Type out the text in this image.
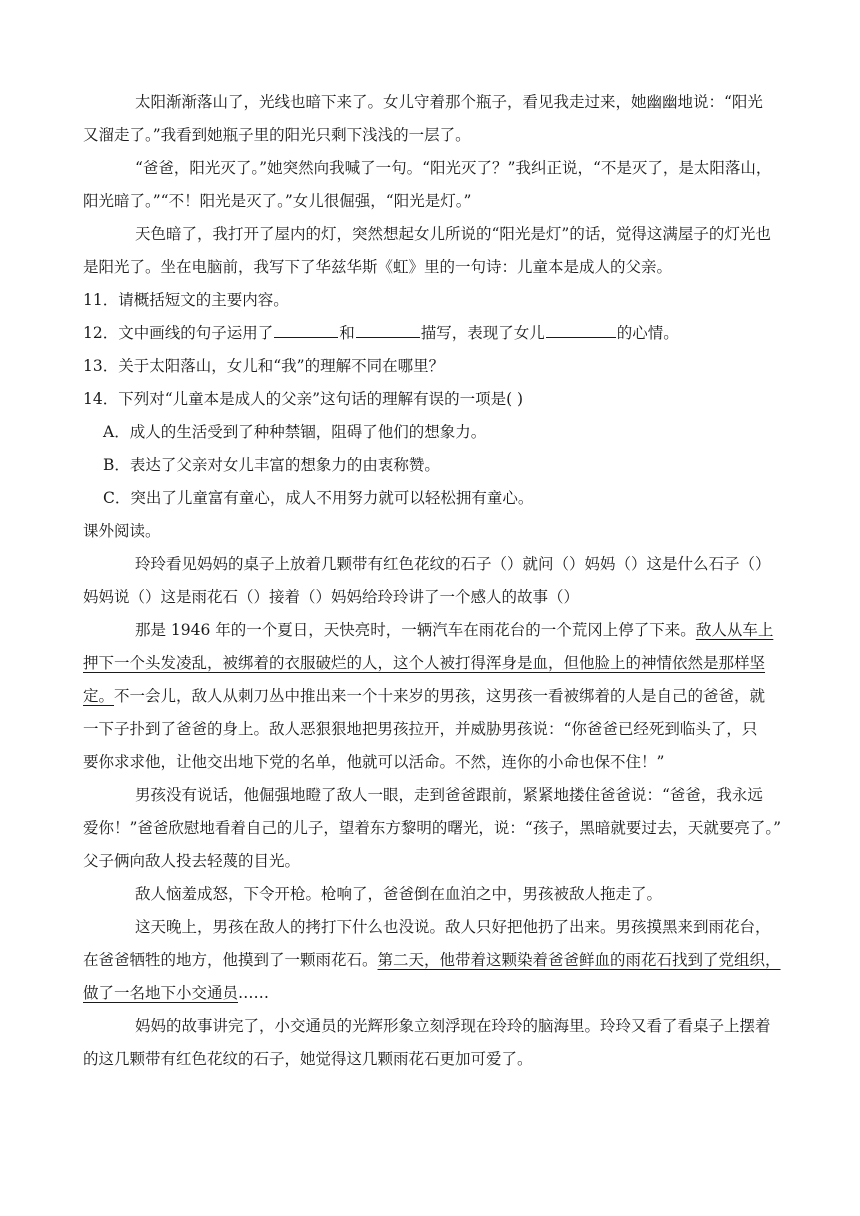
太阳渐渐落山了，光线也暗下来了。女儿守着那个瓶子，看见我走过来，她幽幽地说：“阳光
又溜走了。”我看到她瓶子里的阳光只剩下浅浅的一层了。
“爸爸，阳光灭了。”她突然向我喊了一句。“阳光灭了？”我纠正说，“不是灭了，是太阳落山，
阳光暗了。”“不！阳光是灭了。”女儿很倔强，“阳光是灯。”
天色暗了，我打开了屋内的灯，突然想起女儿所说的“阳光是灯”的话，觉得这满屋子的灯光也
是阳光了。坐在电脑前，我写下了华兹华斯《虹》里的一句诗：儿童本是成人的父亲。
11．请概括短文的主要内容。
12．文中画线的句子运用了	和	描写，表现了女儿	的心情。
13．关于太阳落山，女儿和“我”的理解不同在哪里？
14．下列对“儿童本是成人的父亲”这句话的理解有误的一项是( )
A．成人的生活受到了种种禁锢，阻碍了他们的想象力。
B．表达了父亲对女儿丰富的想象力的由衷称赞。
C．突出了儿童富有童心，成人不用努力就可以轻松拥有童心。
课外阅读。
玲玲看见妈妈的桌子上放着几颗带有红色花纹的石子（）就问（）妈妈（）这是什么石子（）
妈妈说（）这是雨花石（）接着（）妈妈给玲玲讲了一个感人的故事（）
那是 1946 年的一个夏日，天快亮时，一辆汽车在雨花台的一个荒冈上停了下来。敌人从车上
押下一个头发凌乱，被绑着的衣服破烂的人，这个人被打得浑身是血，但他脸上的神情依然是那样坚
定。不一会儿，敌人从刺刀丛中推出来一个十来岁的男孩，这男孩一看被绑着的人是自己的爸爸，就
一下子扑到了爸爸的身上。敌人恶狠狠地把男孩拉开，并威胁男孩说：“你爸爸已经死到临头了，只
要你求求他，让他交出地下党的名单，他就可以活命。不然，连你的小命也保不住！”
男孩没有说话，他倔强地瞪了敌人一眼，走到爸爸跟前，紧紧地搂住爸爸说：“爸爸，我永远
爱你！”爸爸欣慰地看着自己的儿子，望着东方黎明的曙光，说：“孩子，黑暗就要过去，天就要亮了。”
父子俩向敌人投去轻蔑的目光。
敌人恼羞成怒，下令开枪。枪响了，爸爸倒在血泊之中，男孩被敌人拖走了。
这天晚上，男孩在敌人的拷打下什么也没说。敌人只好把他扔了出来。男孩摸黑来到雨花台，
在爸爸牺牲的地方，他摸到了一颗雨花石。第二天，他带着这颗染着爸爸鲜血的雨花石找到了党组织，
做了一名地下小交通员……
妈妈的故事讲完了，小交通员的光辉形象立刻浮现在玲玲的脑海里。玲玲又看了看桌子上摆着
的这几颗带有红色花纹的石子，她觉得这几颗雨花石更加可爱了。
